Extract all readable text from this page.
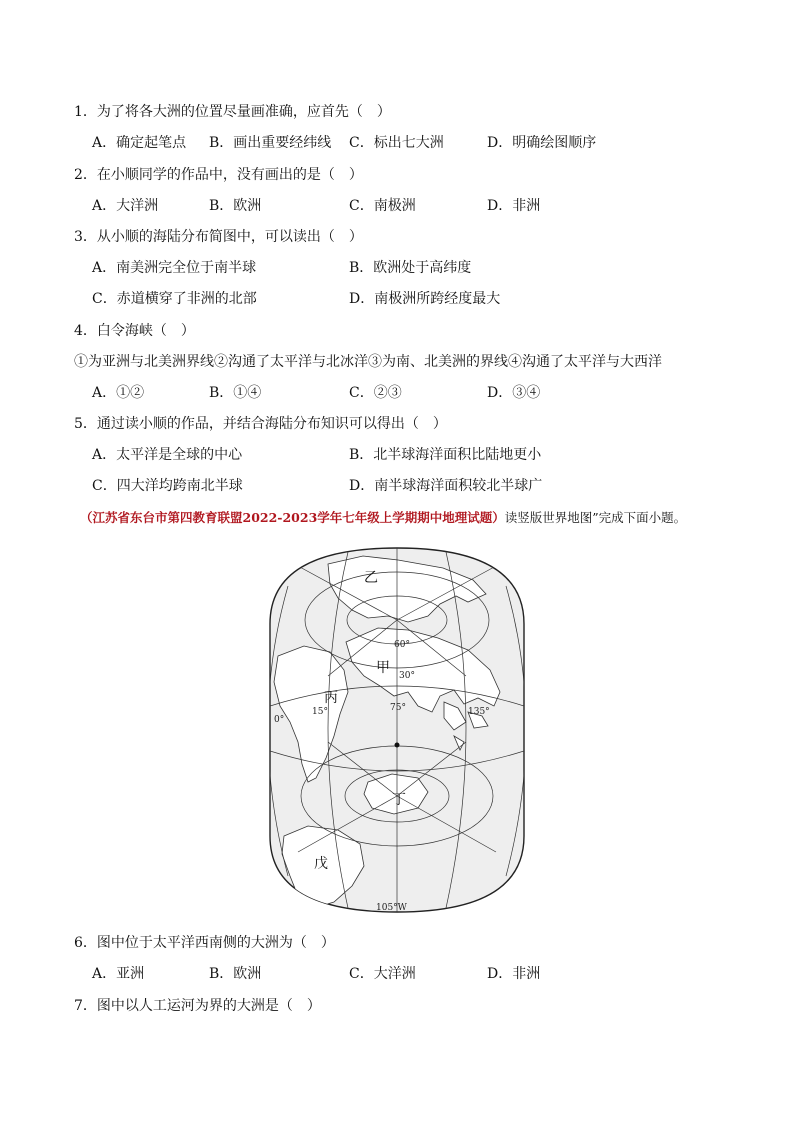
1．为了将各大洲的位置尽量画准确，应首先（　）
A．确定起笔点 B．画出重要经纬线 C．标出七大洲	D．明确绘图顺序
2．在小顺同学的作品中，没有画出的是（　）
A．大洋洲	B．欧洲	C．南极洲	D．非洲
3．从小顺的海陆分布简图中，可以读出（　）
A．南美洲完全位于南半球	B．欧洲处于高纬度
C．赤道横穿了非洲的北部	D．南极洲所跨经度最大
4．白令海峡（　）
①为亚洲与北美洲界线②沟通了太平洋与北冰洋③为南、北美洲的界线④沟通了太平洋与大西洋
A．①②	B．①④	C．②③	D．③④
5．通过读小顺的作品，并结合海陆分布知识可以得出（　）
A．太平洋是全球的中心	B．北半球海洋面积比陆地更小
C．四大洋均跨南北半球	D．南半球海洋面积较北半球广
（江苏省东台市第四教育联盟2022-2023学年七年级上学期期中地理试题）读竖版世界地图”完成下面小题。
乙
甲
丙
丁
戊
60°
30°
15°	75°	135°
0°
105°W
6．图中位于太平洋西南侧的大洲为（　）
A．亚洲	B．欧洲	C．大洋洲	D．非洲
7．图中以人工运河为界的大洲是（　）
